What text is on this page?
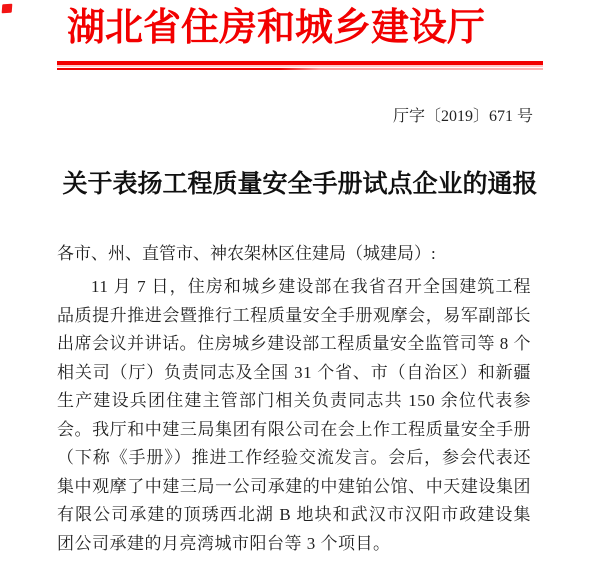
湖北省住房和城乡建设厅

厅字〔2019〕671 号

关于表扬工程质量安全手册试点企业的通报

各市、州、直管市、神农架林区住建局（城建局）:

11 月 7 日，住房和城乡建设部在我省召开全国建筑工程品质提升推进会暨推行工程质量安全手册观摩会，易军副部长出席会议并讲话。住房城乡建设部工程质量安全监管司等 8 个相关司（厅）负责同志及全国 31 个省、市（自治区）和新疆生产建设兵团住建主管部门相关负责同志共 150 余位代表参会。我厅和中建三局集团有限公司在会上作工程质量安全手册（下称《手册》）推进工作经验交流发言。会后，参会代表还集中观摩了中建三局一公司承建的中建铂公馆、中天建设集团有限公司承建的顶琇西北湖 B 地块和武汉市汉阳市政建设集团公司承建的月亮湾城市阳台等 3 个项目。
